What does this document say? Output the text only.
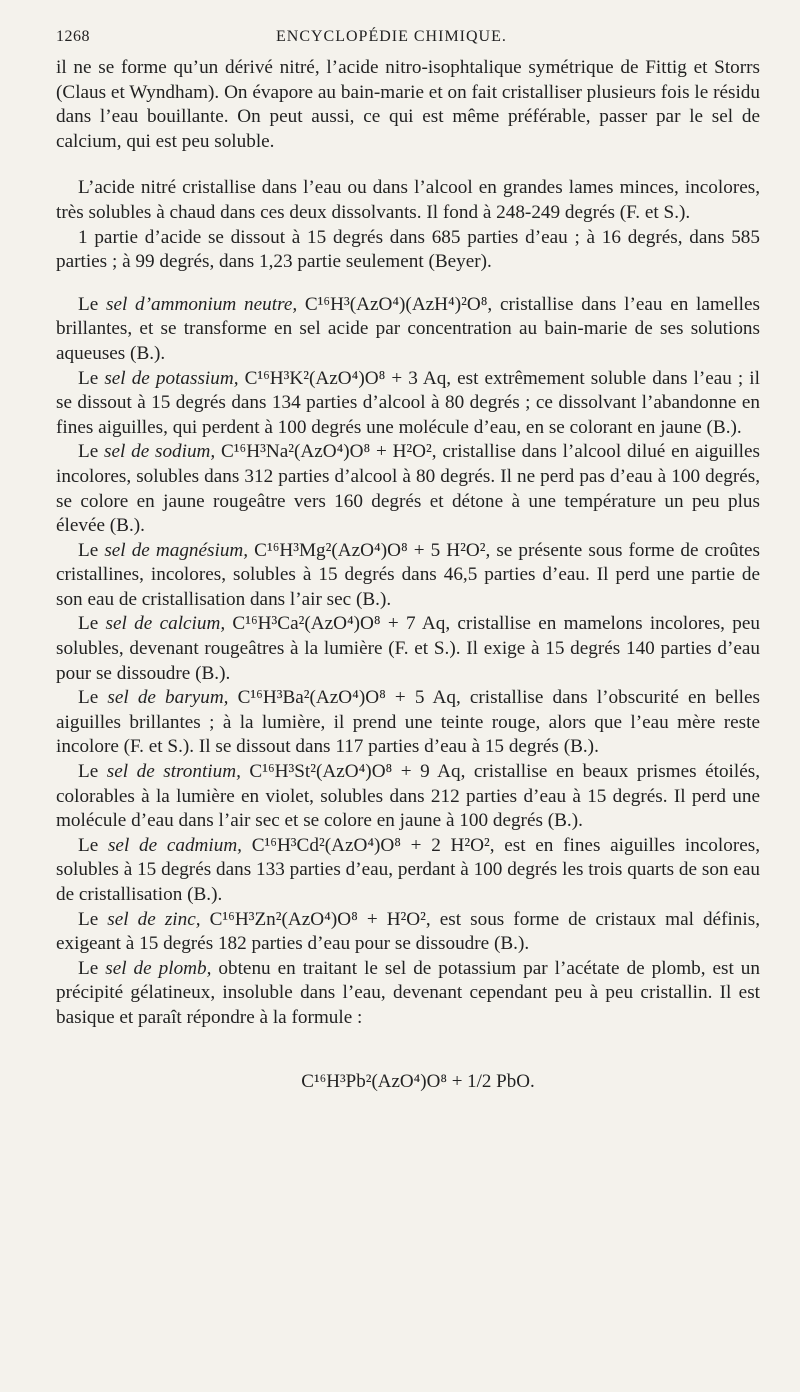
1268	ENCYCLOPÉDIE CHIMIQUE.

il ne se forme qu’un dérivé nitré, l’acide nitro-isophtalique symétrique de Fittig et Storrs (Claus et Wyndham). On évapore au bain-marie et on fait cristalliser plusieurs fois le résidu dans l’eau bouillante. On peut aussi, ce qui est même préférable, passer par le sel de calcium, qui est peu soluble.

L’acide nitré cristallise dans l’eau ou dans l’alcool en grandes lames minces, incolores, très solubles à chaud dans ces deux dissolvants. Il fond à 248-249 degrés (F. et S.).

1 partie d’acide se dissout à 15 degrés dans 685 parties d’eau ; à 16 degrés, dans 585 parties ; à 99 degrés, dans 1,23 partie seulement (Beyer).

Le sel d’ammonium neutre, C¹⁶H³(AzO⁴)(AzH⁴)²O⁸, cristallise dans l’eau en lamelles brillantes, et se transforme en sel acide par concentration au bain-marie de ses solutions aqueuses (B.).

Le sel de potassium, C¹⁶H³K²(AzO⁴)O⁸ + 3 Aq, est extrêmement soluble dans l’eau ; il se dissout à 15 degrés dans 134 parties d’alcool à 80 degrés ; ce dissolvant l’abandonne en fines aiguilles, qui perdent à 100 degrés une molécule d’eau, en se colorant en jaune (B.).

Le sel de sodium, C¹⁶H³Na²(AzO⁴)O⁸ + H²O², cristallise dans l’alcool dilué en aiguilles incolores, solubles dans 312 parties d’alcool à 80 degrés. Il ne perd pas d’eau à 100 degrés, se colore en jaune rougeâtre vers 160 degrés et détone à une température un peu plus élevée (B.).

Le sel de magnésium, C¹⁶H³Mg²(AzO⁴)O⁸ + 5 H²O², se présente sous forme de croûtes cristallines, incolores, solubles à 15 degrés dans 46,5 parties d’eau. Il perd une partie de son eau de cristallisation dans l’air sec (B.).

Le sel de calcium, C¹⁶H³Ca²(AzO⁴)O⁸ + 7 Aq, cristallise en mamelons incolores, peu solubles, devenant rougeâtres à la lumière (F. et S.). Il exige à 15 degrés 140 parties d’eau pour se dissoudre (B.).

Le sel de baryum, C¹⁶H³Ba²(AzO⁴)O⁸ + 5 Aq, cristallise dans l’obscurité en belles aiguilles brillantes ; à la lumière, il prend une teinte rouge, alors que l’eau mère reste incolore (F. et S.). Il se dissout dans 117 parties d’eau à 15 degrés (B.).

Le sel de strontium, C¹⁶H³St²(AzO⁴)O⁸ + 9 Aq, cristallise en beaux prismes étoilés, colorables à la lumière en violet, solubles dans 212 parties d’eau à 15 degrés. Il perd une molécule d’eau dans l’air sec et se colore en jaune à 100 degrés (B.).

Le sel de cadmium, C¹⁶H³Cd²(AzO⁴)O⁸ + 2 H²O², est en fines aiguilles incolores, solubles à 15 degrés dans 133 parties d’eau, perdant à 100 degrés les trois quarts de son eau de cristallisation (B.).

Le sel de zinc, C¹⁶H³Zn²(AzO⁴)O⁸ + H²O², est sous forme de cristaux mal définis, exigeant à 15 degrés 182 parties d’eau pour se dissoudre (B.).

Le sel de plomb, obtenu en traitant le sel de potassium par l’acétate de plomb, est un précipité gélatineux, insoluble dans l’eau, devenant cependant peu à peu cristallin. Il est basique et paraît répondre à la formule :

C¹⁶H³Pb²(AzO⁴)O⁸ + 1/2 PbO.
